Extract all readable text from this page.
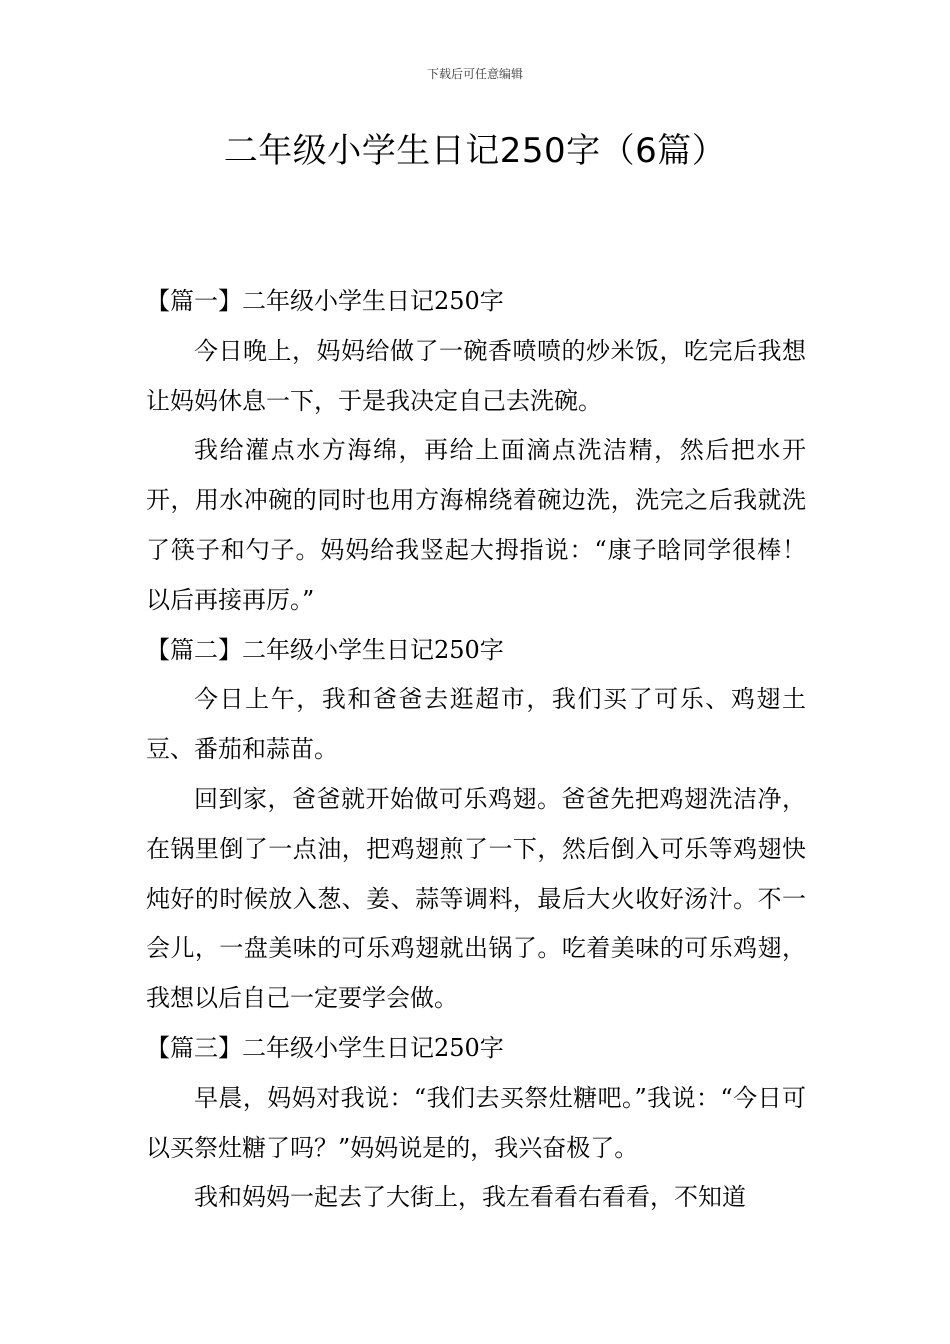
下载后可任意编辑
二年级小学生日记250字（6篇）

【篇一】二年级小学生日记250字

今日晚上，妈妈给做了一碗香喷喷的炒米饭，吃完后我想让妈妈休息一下，于是我决定自己去洗碗。

我给灌点水方海绵，再给上面滴点洗洁精，然后把水开开，用水冲碗的同时也用方海棉绕着碗边洗，洗完之后我就洗了筷子和勺子。妈妈给我竖起大拇指说：“康子晗同学很棒！以后再接再厉。”

【篇二】二年级小学生日记250字

今日上午，我和爸爸去逛超市，我们买了可乐、鸡翅土豆、番茄和蒜苗。

回到家，爸爸就开始做可乐鸡翅。爸爸先把鸡翅洗洁净，在锅里倒了一点油，把鸡翅煎了一下，然后倒入可乐等鸡翅快炖好的时候放入葱、姜、蒜等调料，最后大火收好汤汁。不一会儿，一盘美味的可乐鸡翅就出锅了。吃着美味的可乐鸡翅，我想以后自己一定要学会做。

【篇三】二年级小学生日记250字

早晨，妈妈对我说：“我们去买祭灶糖吧。”我说：“今日可以买祭灶糖了吗？”妈妈说是的，我兴奋极了。

我和妈妈一起去了大街上，我左看看右看看，不知道
